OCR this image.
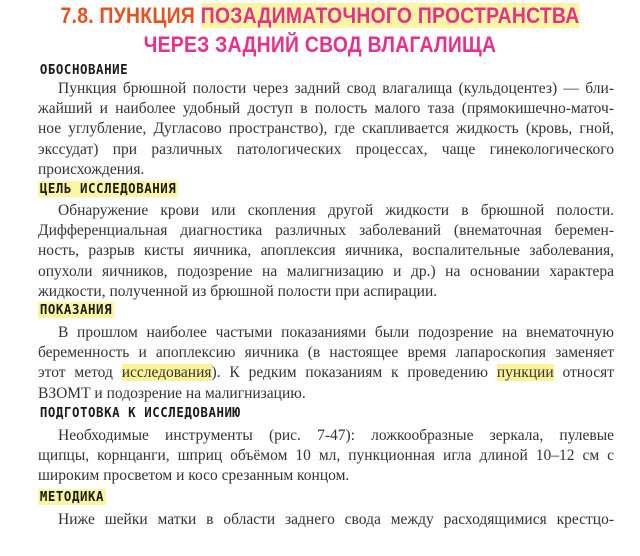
7.8. ПУНКЦИЯ ПОЗАДИМАТОЧНОГО ПРОСТРАНСТВА
ЧЕРЕЗ ЗАДНИЙ СВОД ВЛАГАЛИЩА
ОБОСНОВАНИЕ
Пункция брюшной полости через задний свод влагалища (кульдоцентез) — бли-
жайший и наиболее удобный доступ в полость малого таза (прямокишечно-маточ-
ное углубление, Дугласово пространство), где скапливается жидкость (кровь, гной,
экссудат) при различных патологических процессах, чаще гинекологического
происхождения.
ЦЕЛЬ ИССЛЕДОВАНИЯ
Обнаружение крови или скопления другой жидкости в брюшной полости.
Дифференциальная диагностика различных заболеваний (внематочная беремен-
ность, разрыв кисты яичника, апоплексия яичника, воспалительные заболевания,
опухоли яичников, подозрение на малигнизацию и др.) на основании характера
жидкости, полученной из брюшной полости при аспирации.
ПОКАЗАНИЯ
В прошлом наиболее частыми показаниями были подозрение на внематочную
беременность и апоплексию яичника (в настоящее время лапароскопия заменяет
этот метод исследования). К редким показаниям к проведению пункции относят
ВЗОМТ и подозрение на малигнизацию.
ПОДГОТОВКА К ИССЛЕДОВАНИЮ
Необходимые инструменты (рис. 7-47): ложкообразные зеркала, пулевые
щипцы, корнцанги, шприц объёмом 10 мл, пункционная игла длиной 10–12 см с
широким просветом и косо срезанным концом.
МЕТОДИКА
Ниже шейки матки в области заднего свода между расходящимися крестцо-
